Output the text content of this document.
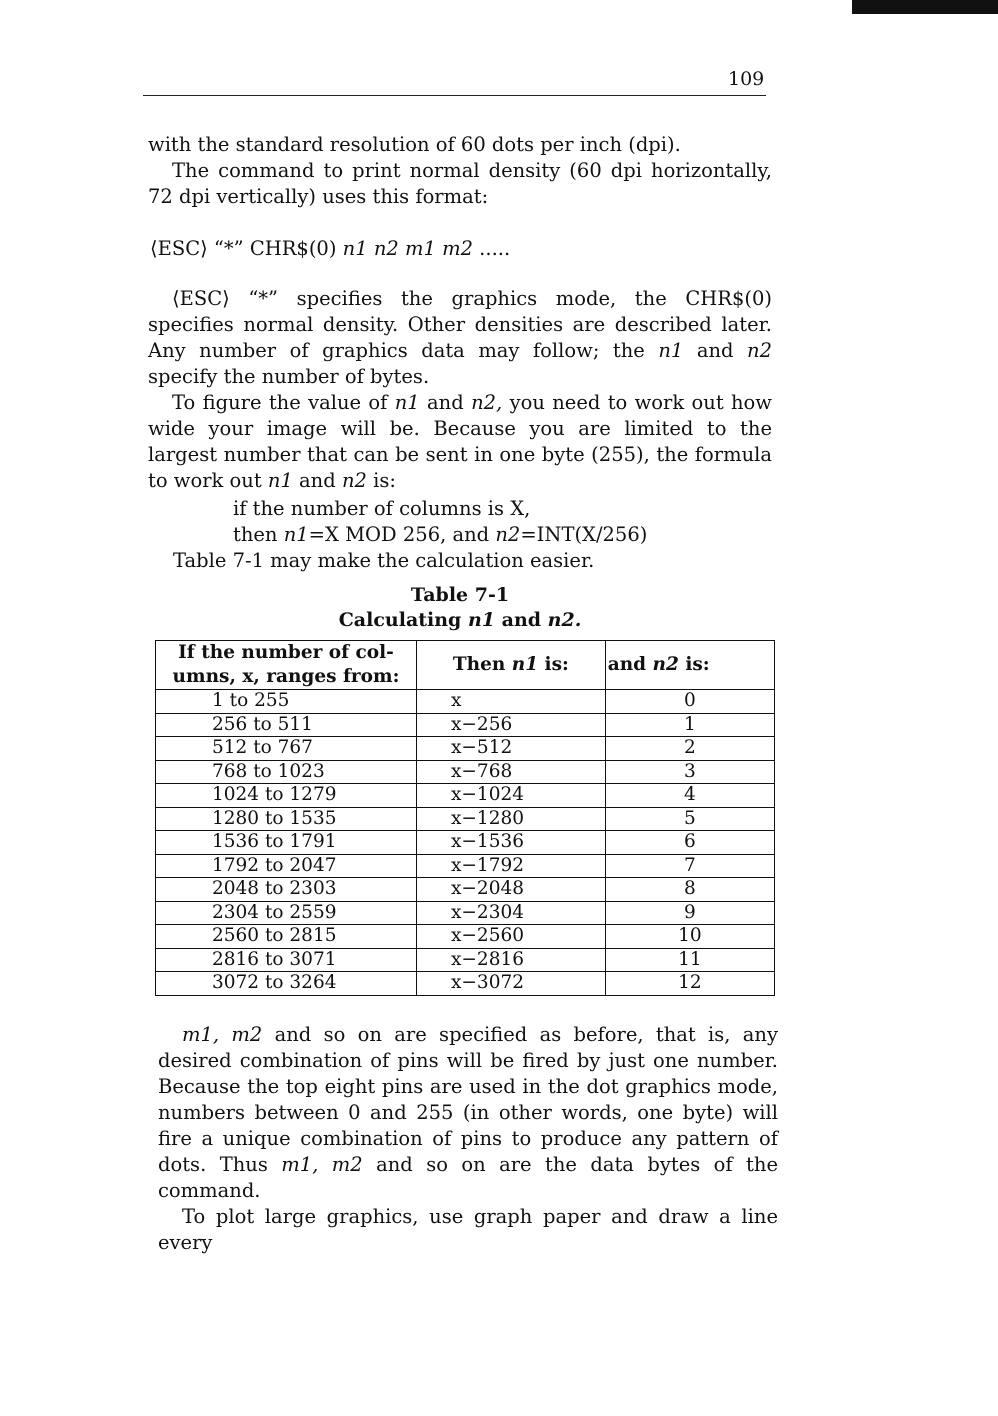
109

with the standard resolution of 60 dots per inch (dpi).

The command to print normal density (60 dpi horizontally, 72 dpi vertically) uses this format:

⟨ESC⟩ “*” CHR$(0) n1 n2 m1 m2 .....

⟨ESC⟩ “*” specifies the graphics mode, the CHR$(0) specifies normal density. Other densities are described later. Any number of graphics data may follow; the n1 and n2 specify the number of bytes.

To figure the value of n1 and n2, you need to work out how wide your image will be. Because you are limited to the largest number that can be sent in one byte (255), the formula to work out n1 and n2 is:

if the number of columns is X,
then n1=X MOD 256, and n2=INT(X/256)
Table 7-1 may make the calculation easier.
Table 7-1
Calculating n1 and n2.
If the number of col-
umns, x, ranges from:	Then n1 is:	and n2 is:
1 to 255	x	0
256 to 511	x−256	1
512 to 767	x−512	2
768 to 1023	x−768	3
1024 to 1279	x−1024	4
1280 to 1535	x−1280	5
1536 to 1791	x−1536	6
1792 to 2047	x−1792	7
2048 to 2303	x−2048	8
2304 to 2559	x−2304	9
2560 to 2815	x−2560	10
2816 to 3071	x−2816	11
3072 to 3264	x−3072	12

m1, m2 and so on are specified as before, that is, any desired combination of pins will be fired by just one number. Because the top eight pins are used in the dot graphics mode, numbers between 0 and 255 (in other words, one byte) will fire a unique combination of pins to produce any pattern of dots. Thus m1, m2 and so on are the data bytes of the command.

To plot large graphics, use graph paper and draw a line every
